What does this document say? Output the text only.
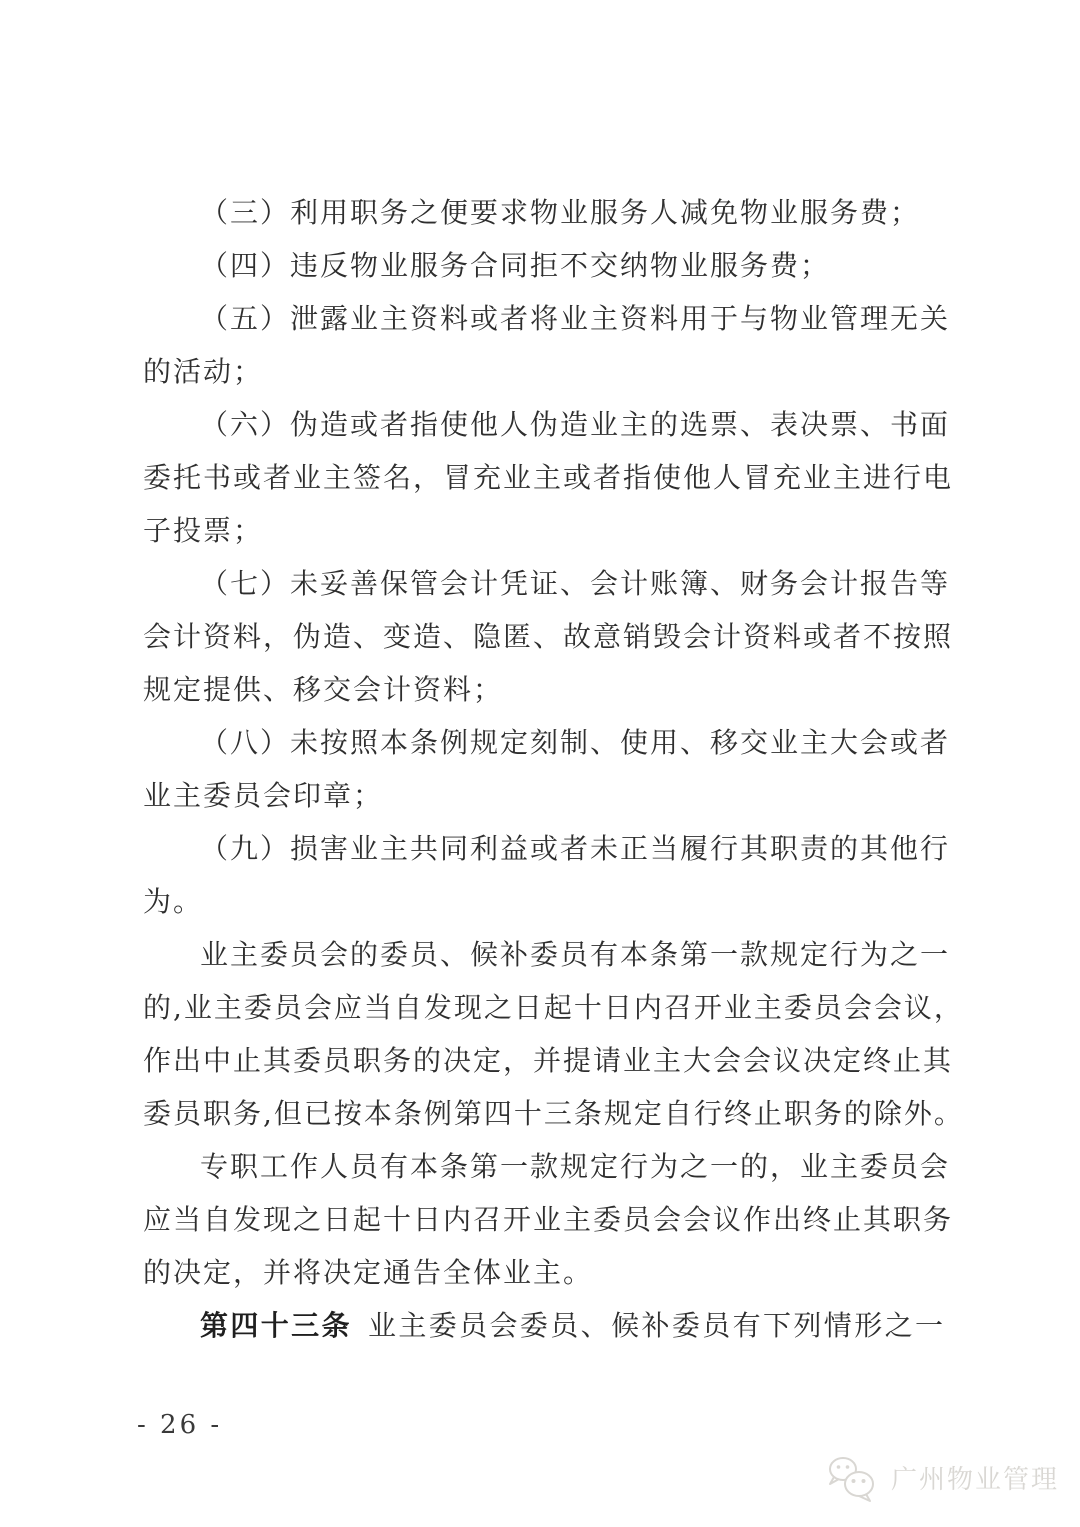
（三）利用职务之便要求物业服务人减免物业服务费；
（四）违反物业服务合同拒不交纳物业服务费；
（五）泄露业主资料或者将业主资料用于与物业管理无关
的活动；
（六）伪造或者指使他人伪造业主的选票、表决票、书面
委托书或者业主签名，冒充业主或者指使他人冒充业主进行电
子投票；
（七）未妥善保管会计凭证、会计账簿、财务会计报告等
会计资料，伪造、变造、隐匿、故意销毁会计资料或者不按照
规定提供、移交会计资料；
（八）未按照本条例规定刻制、使用、移交业主大会或者
业主委员会印章；
（九）损害业主共同利益或者未正当履行其职责的其他行
为。
业主委员会的委员、候补委员有本条第一款规定行为之一
的,业主委员会应当自发现之日起十日内召开业主委员会会议，
作出中止其委员职务的决定，并提请业主大会会议决定终止其
委员职务,但已按本条例第四十三条规定自行终止职务的除外。
专职工作人员有本条第一款规定行为之一的，业主委员会
应当自发现之日起十日内召开业主委员会会议作出终止其职务
的决定，并将决定通告全体业主。
第四十三条 业主委员会委员、候补委员有下列情形之一
- 26 -
广州物业管理
